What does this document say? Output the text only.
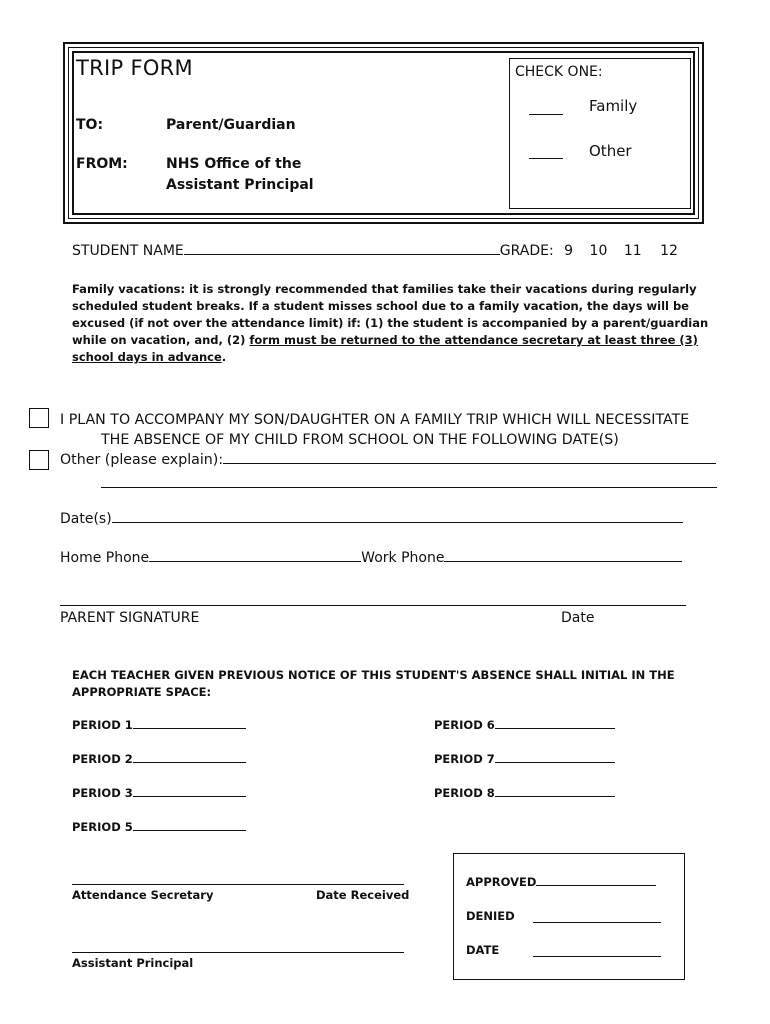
TRIP FORM
TO:	Parent/Guardian
FROM:	NHS Office of the
Assistant Principal
CHECK ONE:
Family
Other
STUDENT NAME	GRADE: 9 10 11 12
Family vacations: it is strongly recommended that families take their vacations during regularly scheduled student breaks. If a student misses school due to a family vacation, the days will be excused (if not over the attendance limit) if: (1) the student is accompanied by a parent/guardian while on vacation, and, (2) form must be returned to the attendance secretary at least three (3) school days in advance.
I PLAN TO ACCOMPANY MY SON/DAUGHTER ON A FAMILY TRIP WHICH WILL NECESSITATE
THE ABSENCE OF MY CHILD FROM SCHOOL ON THE FOLLOWING DATE(S)
Other (please explain):
Date(s)
Home Phone	Work Phone
PARENT SIGNATURE	Date
EACH TEACHER GIVEN PREVIOUS NOTICE OF THIS STUDENT'S ABSENCE SHALL INITIAL IN THE APPROPRIATE SPACE:
PERIOD 1
PERIOD 2
PERIOD 3
PERIOD 5
PERIOD 6
PERIOD 7
PERIOD 8
Attendance Secretary	Date Received
Assistant Principal
APPROVED
DENIED
DATE
